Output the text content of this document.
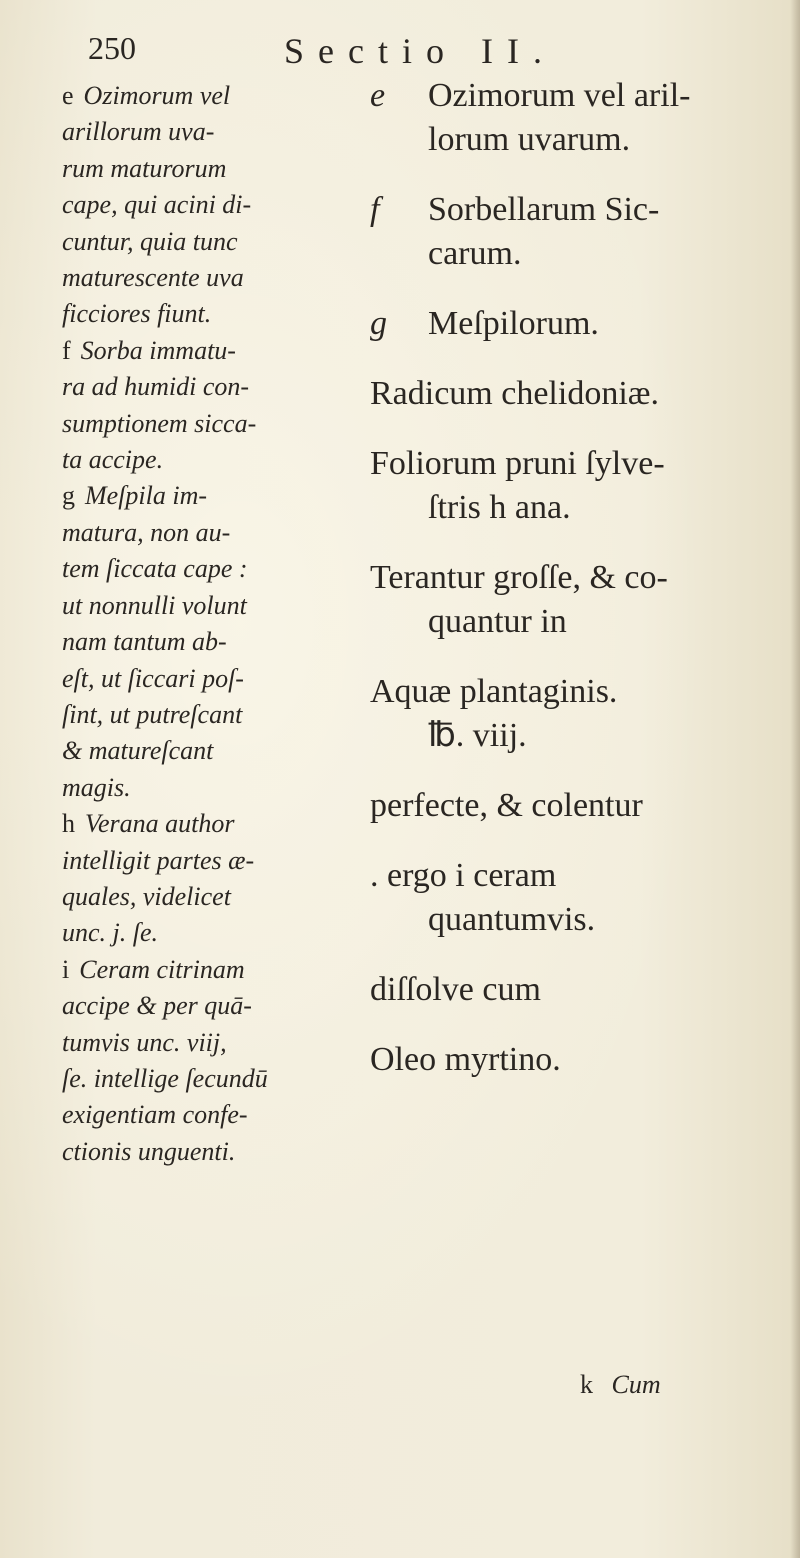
250	Sectio II.
e Ozimorum vel
arillorum uva-
rum maturorum
cape, qui acini di-
cuntur, quia tunc
maturescente uva
ficciores fiunt.
f Sorba immatu-
ra ad humidi con-
sumptionem sicca-
ta accipe.
g Meſpila im-
matura, non au-
tem ſiccata cape :
ut nonnulli volunt
nam tantum ab-
eſt, ut ſiccari poſ-
ſint, ut putreſcant
& matureſcant
magis.
h Verana author
intelligit partes æ-
quales, videlicet
unc. j. ſe.
i Ceram citrinam
accipe & per quā-
tumvis unc. viij,
ſe. intellige ſecundū
exigentiam confe-
ctionis unguenti.
e Ozimorum vel aril-
lorum uvarum.
f Sorbellarum Sic-
carum.
g Meſpilorum.
Radicum chelidoniæ.
Foliorum pruni ſylve-
ſtris h ana.
Terantur groſſe, & co-
quantur in
Aquæ plantaginis.
℔. viij.
perfecte, & colentur
. ergo i ceram
quantumvis.
diſſolve cum
Oleo myrtino.
k Cum
